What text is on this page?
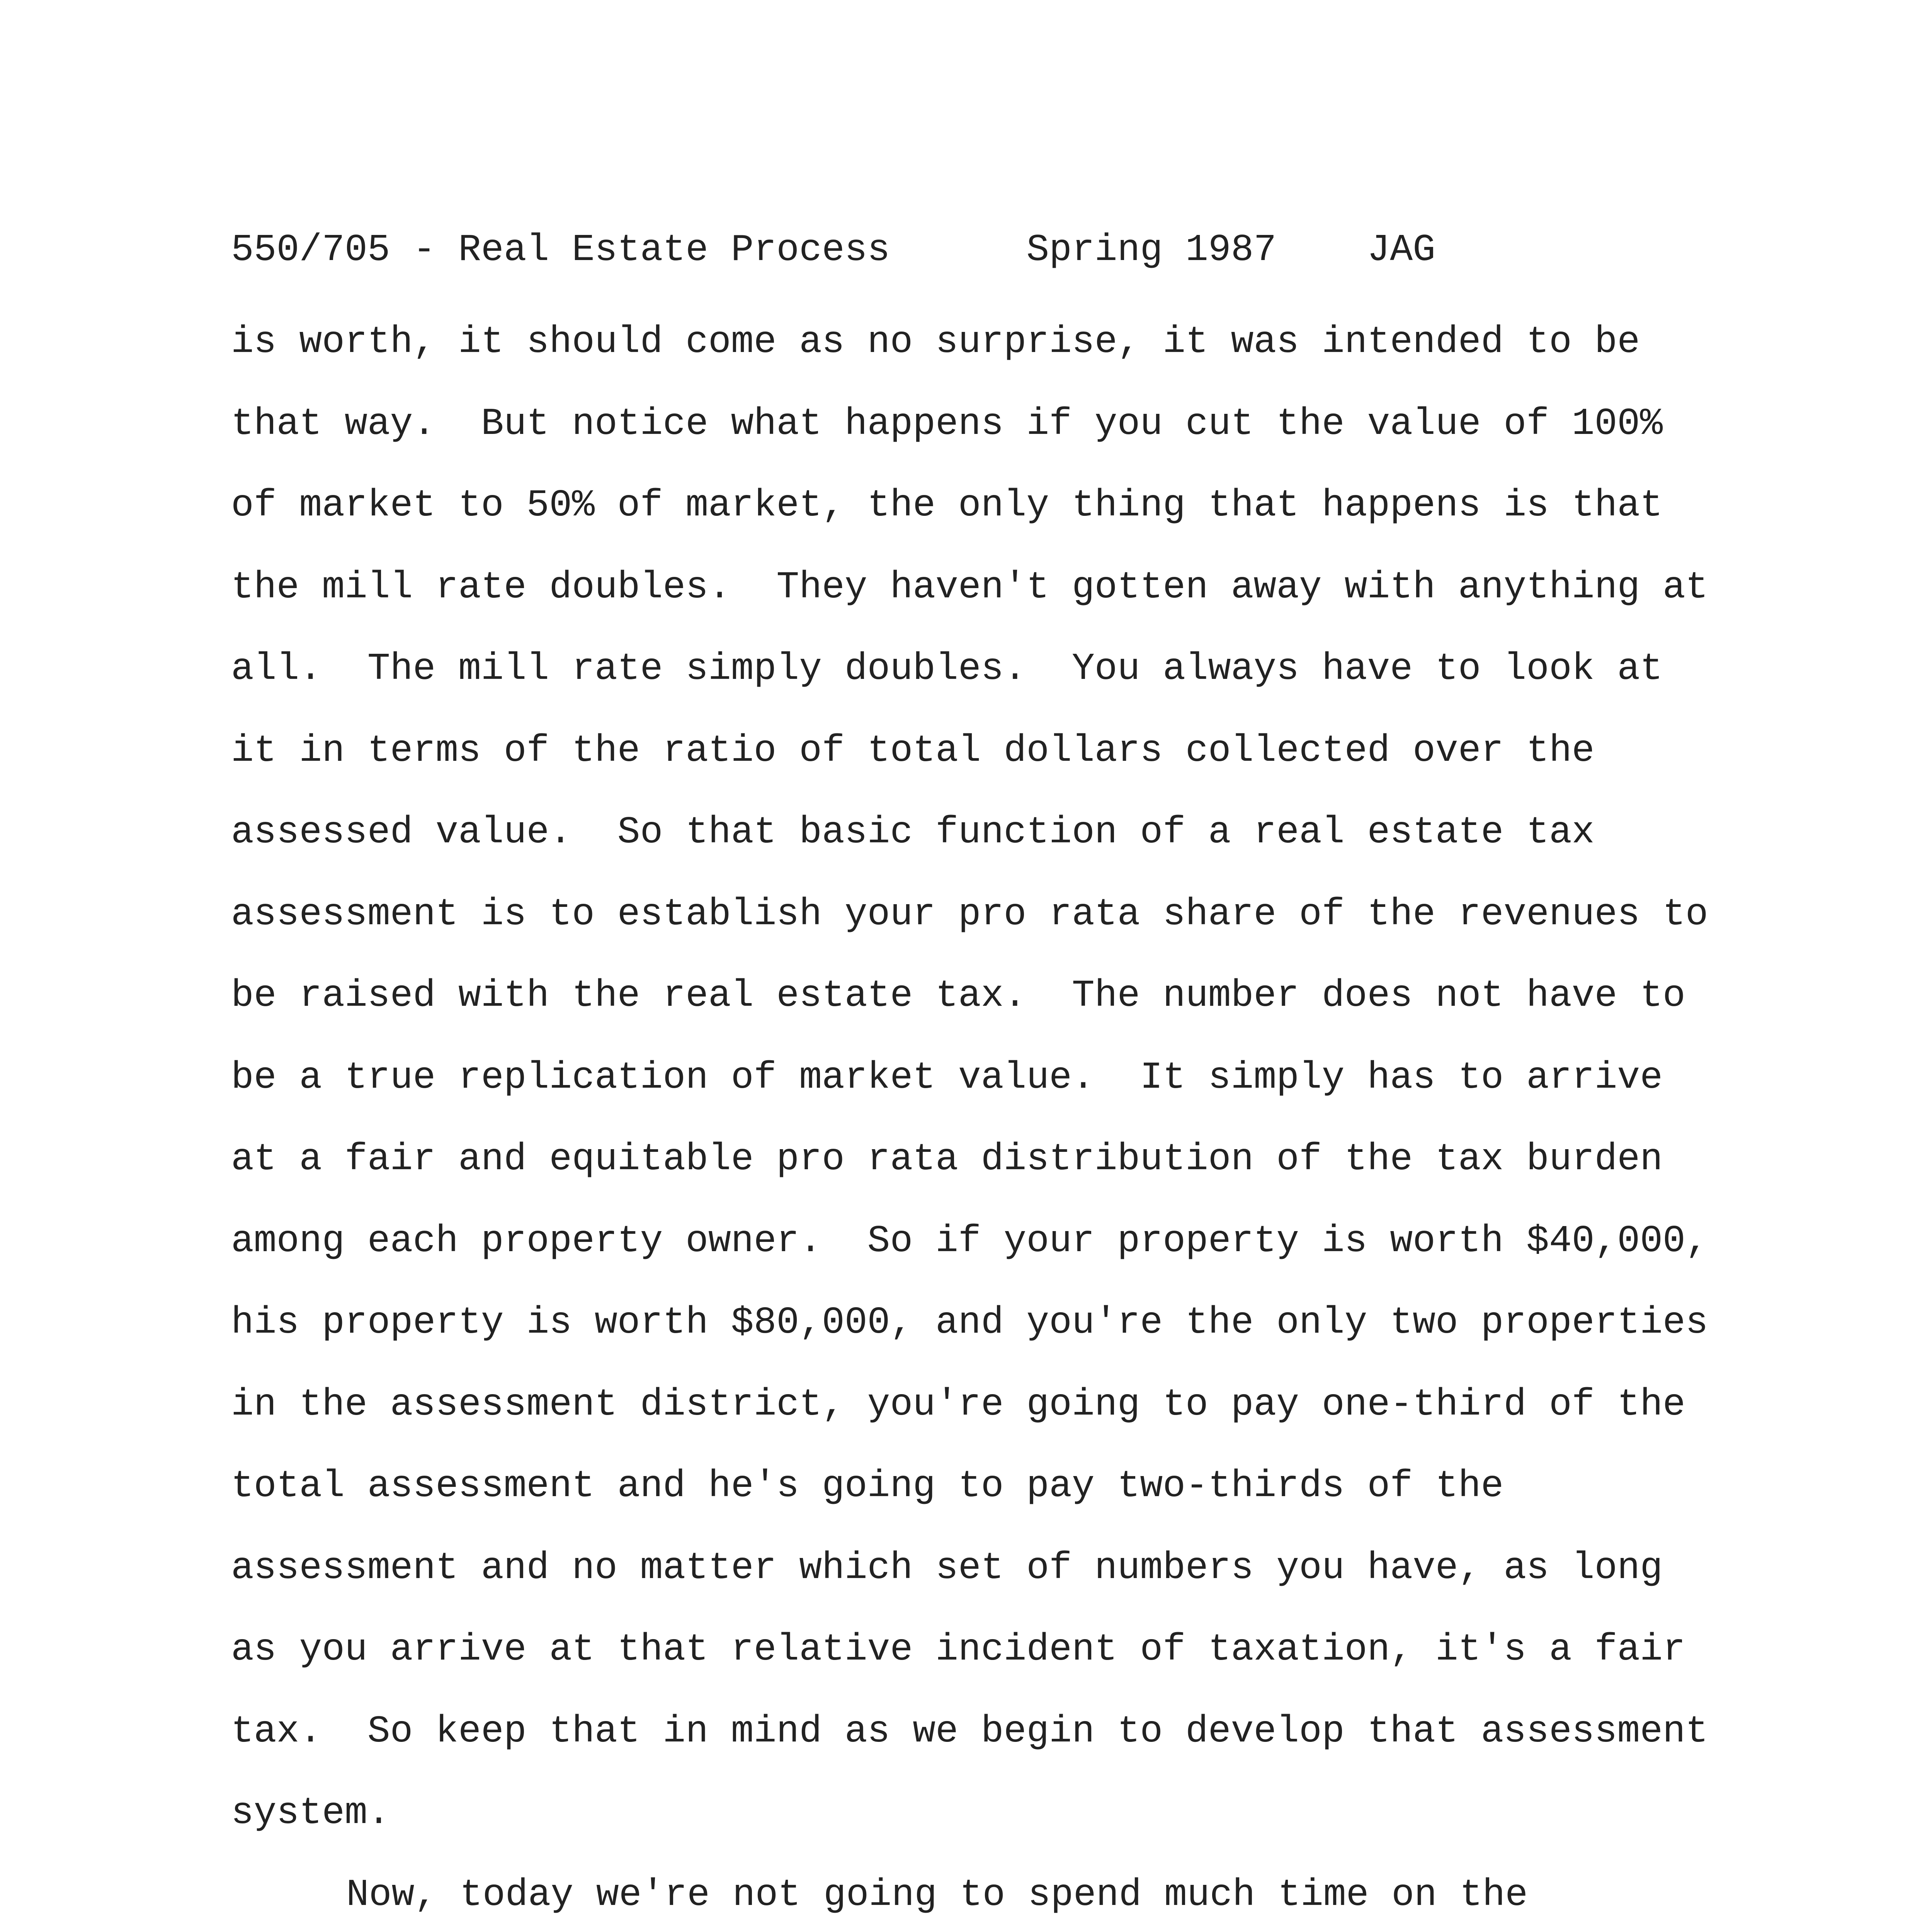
550/705 - Real Estate Process	Spring 1987 JAG
is worth, it should come as no surprise, it was intended to be
that way.  But notice what happens if you cut the value of 100%
of market to 50% of market, the only thing that happens is that
the mill rate doubles.  They haven't gotten away with anything at
all.  The mill rate simply doubles.  You always have to look at
it in terms of the ratio of total dollars collected over the
assessed value.  So that basic function of a real estate tax
assessment is to establish your pro rata share of the revenues to
be raised with the real estate tax.  The number does not have to
be a true replication of market value.  It simply has to arrive
at a fair and equitable pro rata distribution of the tax burden
among each property owner.  So if your property is worth $40,000,
his property is worth $80,000, and you're the only two properties
in the assessment district, you're going to pay one-third of the
total assessment and he's going to pay two-thirds of the
assessment and no matter which set of numbers you have, as long
as you arrive at that relative incident of taxation, it's a fair
tax.  So keep that in mind as we begin to develop that assessment
system.
Now, today we're not going to spend much time on the
